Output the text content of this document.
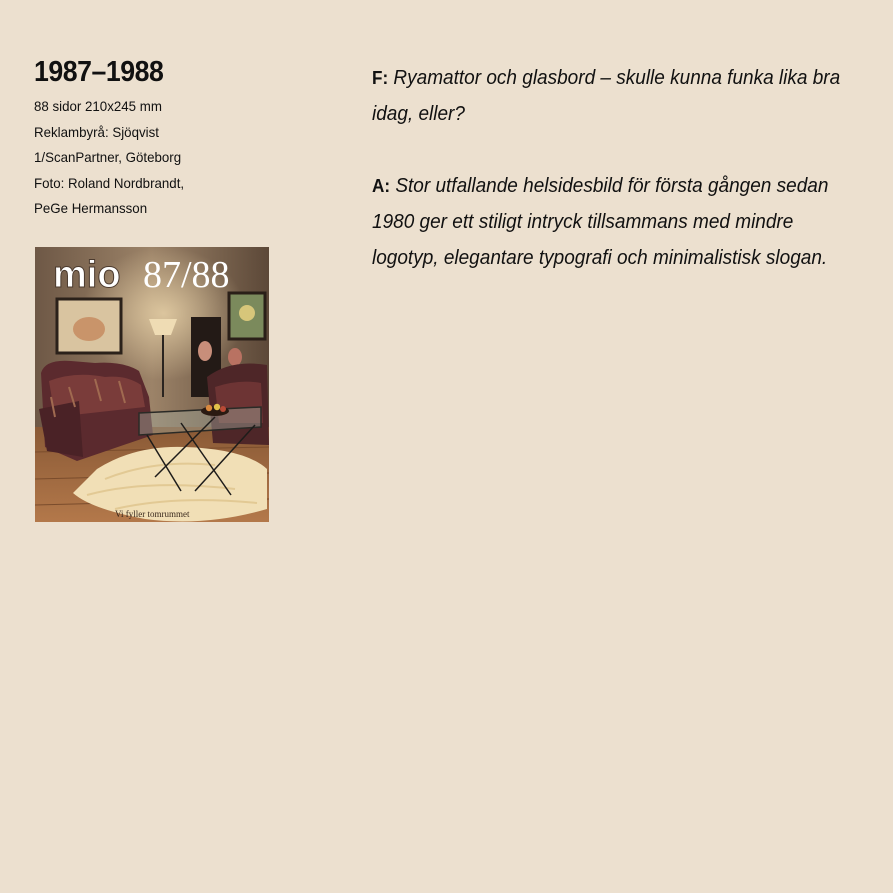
1987–1988
88 sidor 210x245 mm
Reklambyrå: Sjöqvist
1/ScanPartner, Göteborg
Foto: Roland Nordbrandt,
PeGe Hermansson
mio 87/88
Vi fyller tomrummet

F: Ryamattor och glasbord – skulle kunna funka lika bra idag, eller?

A: Stor utfallande helsidesbild för första gången sedan 1980 ger ett stiligt intryck tillsammans med mindre logotyp, elegantare typografi och minimalistisk slogan.
